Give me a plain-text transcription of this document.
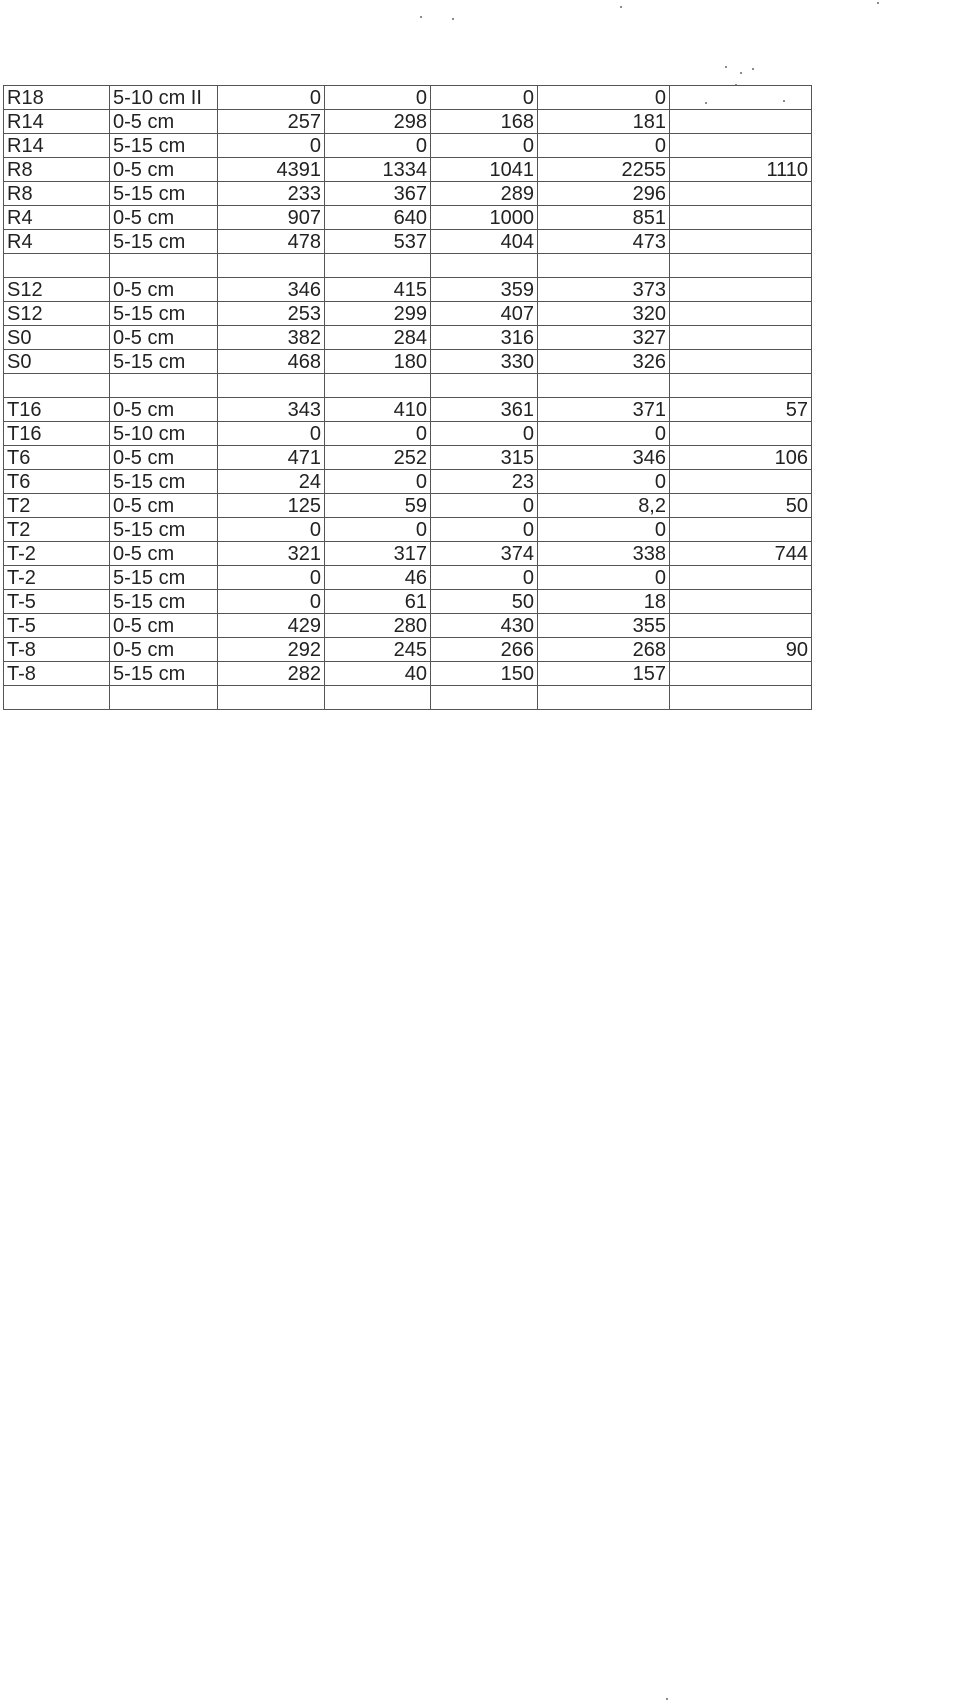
R18	5-10 cm II	0	0	0	0	
R14	0-5 cm	257	298	168	181	
R14	5-15 cm	0	0	0	0	
R8	0-5 cm	4391	1334	1041	2255	1110
R8	5-15 cm	233	367	289	296	
R4	0-5 cm	907	640	1000	851	
R4	5-15 cm	478	537	404	473	

S12	0-5 cm	346	415	359	373	
S12	5-15 cm	253	299	407	320	
S0	0-5 cm	382	284	316	327	
S0	5-15 cm	468	180	330	326	

T16	0-5 cm	343	410	361	371	57
T16	5-10 cm	0	0	0	0	
T6	0-5 cm	471	252	315	346	106
T6	5-15 cm	24	0	23	0	
T2	0-5 cm	125	59	0	8,2	50
T2	5-15 cm	0	0	0	0	
T-2	0-5 cm	321	317	374	338	744
T-2	5-15 cm	0	46	0	0	
T-5	5-15 cm	0	61	50	18	
T-5	0-5 cm	429	280	430	355	
T-8	0-5 cm	292	245	266	268	90
T-8	5-15 cm	282	40	150	157	
